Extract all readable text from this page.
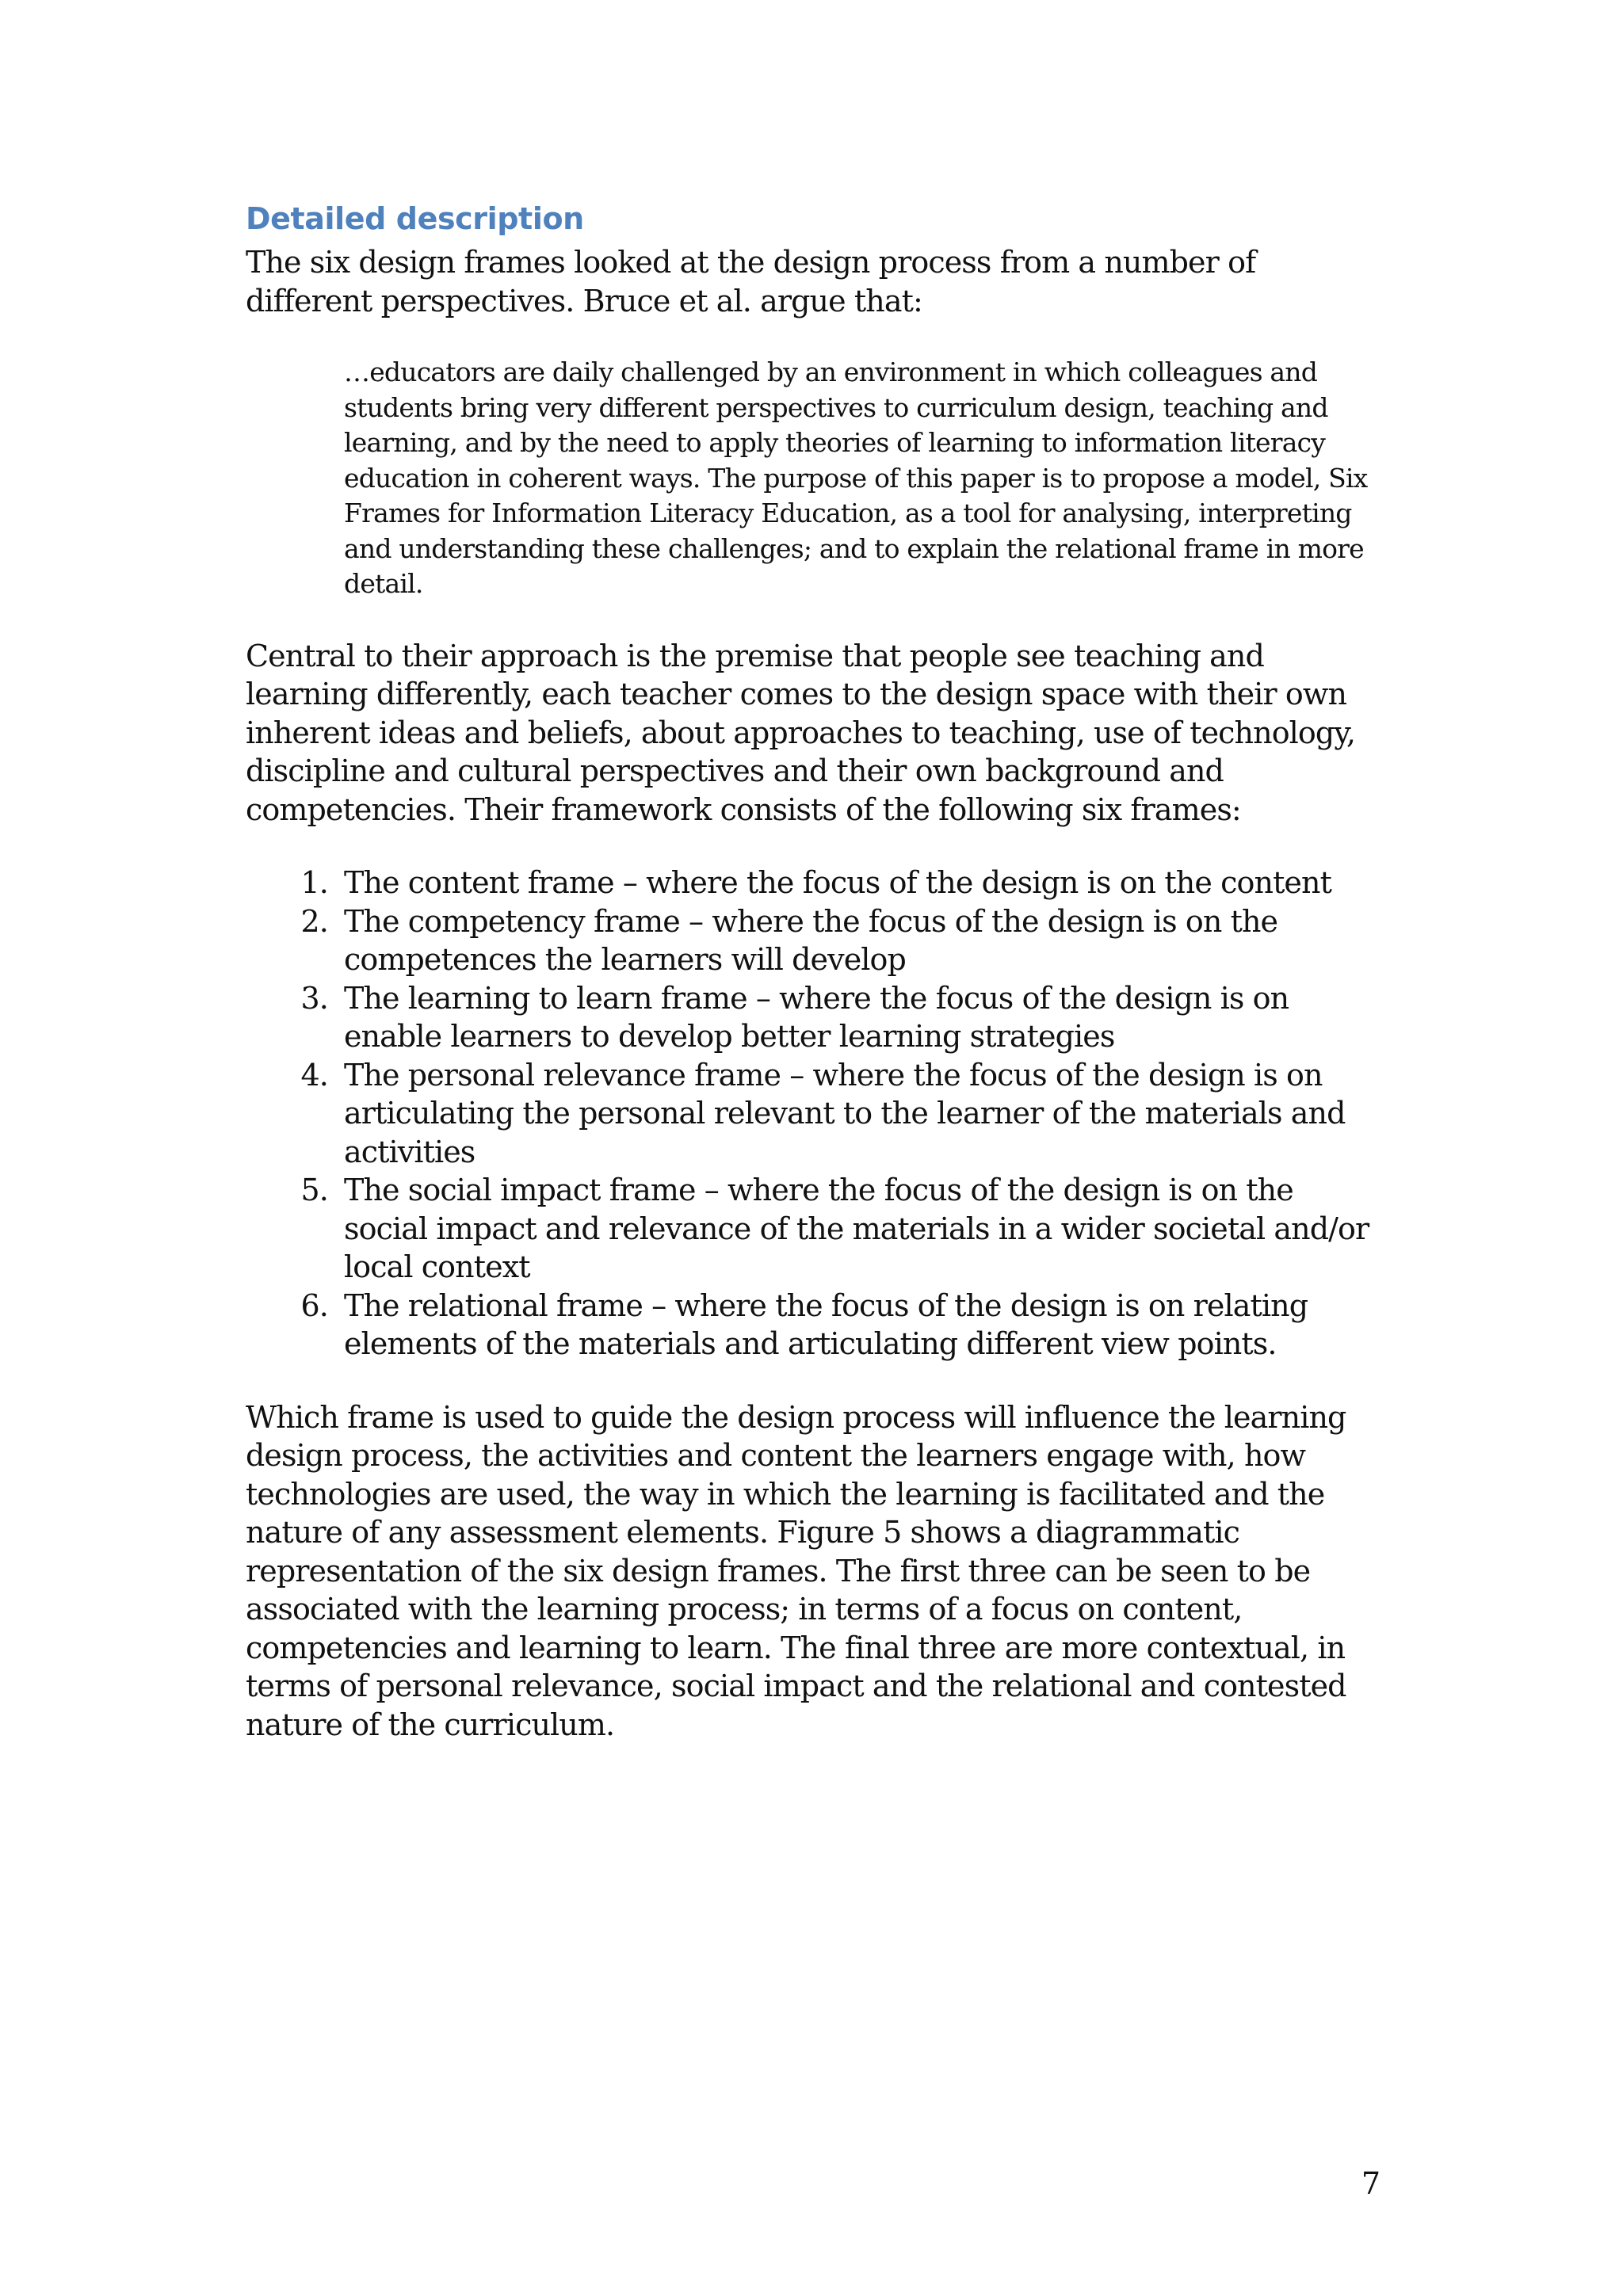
Detailed description

The six design frames looked at the design process from a number of different perspectives. Bruce et al. argue that:

…educators are daily challenged by an environment in which colleagues and students bring very different perspectives to curriculum design, teaching and learning, and by the need to apply theories of learning to information literacy education in coherent ways. The purpose of this paper is to propose a model, Six Frames for Information Literacy Education, as a tool for analysing, interpreting and understanding these challenges; and to explain the relational frame in more detail.

Central to their approach is the premise that people see teaching and learning differently, each teacher comes to the design space with their own inherent ideas and beliefs, about approaches to teaching, use of technology, discipline and cultural perspectives and their own background and competencies. Their framework consists of the following six frames:

1. The content frame – where the focus of the design is on the content
2. The competency frame – where the focus of the design is on the competences the learners will develop
3. The learning to learn frame – where the focus of the design is on enable learners to develop better learning strategies
4. The personal relevance frame – where the focus of the design is on articulating the personal relevant to the learner of the materials and activities
5. The social impact frame – where the focus of the design is on the social impact and relevance of the materials in a wider societal and/or local context
6. The relational frame – where the focus of the design is on relating elements of the materials and articulating different view points.

Which frame is used to guide the design process will influence the learning design process, the activities and content the learners engage with, how technologies are used, the way in which the learning is facilitated and the nature of any assessment elements. Figure 5 shows a diagrammatic representation of the six design frames. The first three can be seen to be associated with the learning process; in terms of a focus on content, competencies and learning to learn. The final three are more contextual, in terms of personal relevance, social impact and the relational and contested nature of the curriculum.

7
